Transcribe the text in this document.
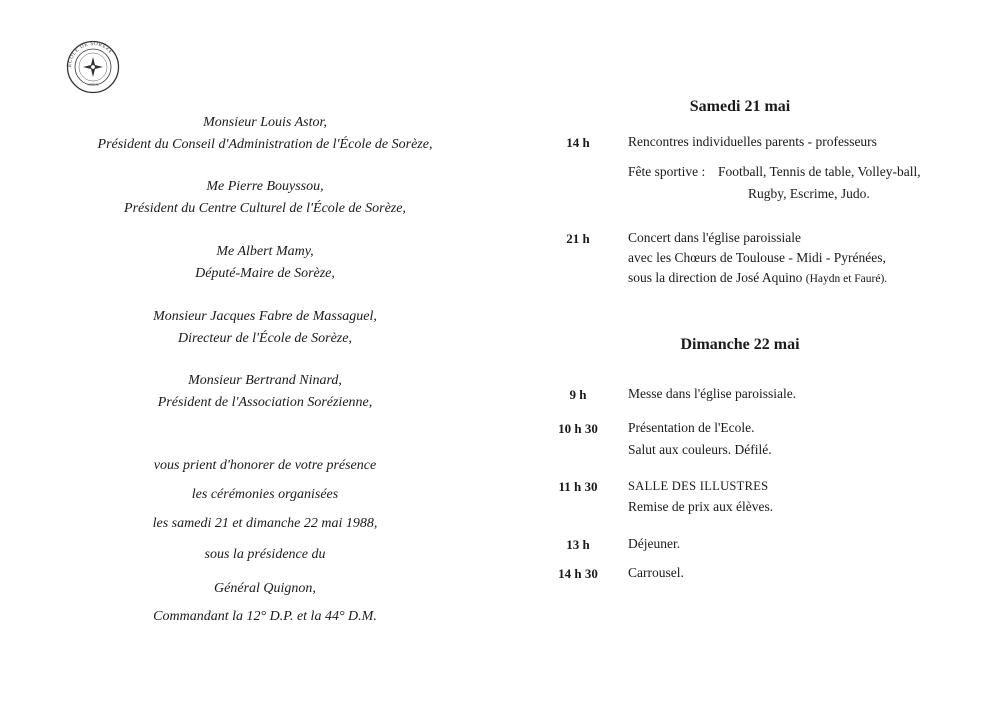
ÉCOLE DE SORÈZE
SORÈZE

Monsieur Louis Astor,

Président du Conseil d'Administration de l'École de Sorèze,

Me Pierre Bouyssou,

Président du Centre Culturel de l'École de Sorèze,

Me Albert Mamy,

Député-Maire de Sorèze,

Monsieur Jacques Fabre de Massaguel,

Directeur de l'École de Sorèze,

Monsieur Bertrand Ninard,

Président de l'Association Sorézienne,

vous prient d'honorer de votre présence
les cérémonies organisées
les samedi 21 et dimanche 22 mai 1988,
sous la présidence du
Général Quignon,
Commandant la 12° D.P. et la 44° D.M.
Samedi 21 mai
14 h	Rencontres individuelles parents - professeurs
Fête sportive : Football, Tennis de table, Volley-ball,
Rugby, Escrime, Judo.
21 h	Concert dans l'église paroissiale
avec les Chœurs de Toulouse - Midi - Pyrénées,
sous la direction de José Aquino (Haydn et Fauré).
Dimanche 22 mai
9 h	Messe dans l'église paroissiale.
10 h 30	Présentation de l'Ecole.
Salut aux couleurs. Défilé.
11 h 30	SALLE DES ILLUSTRES
Remise de prix aux élèves.
13 h	Déjeuner.
14 h 30	Carrousel.
